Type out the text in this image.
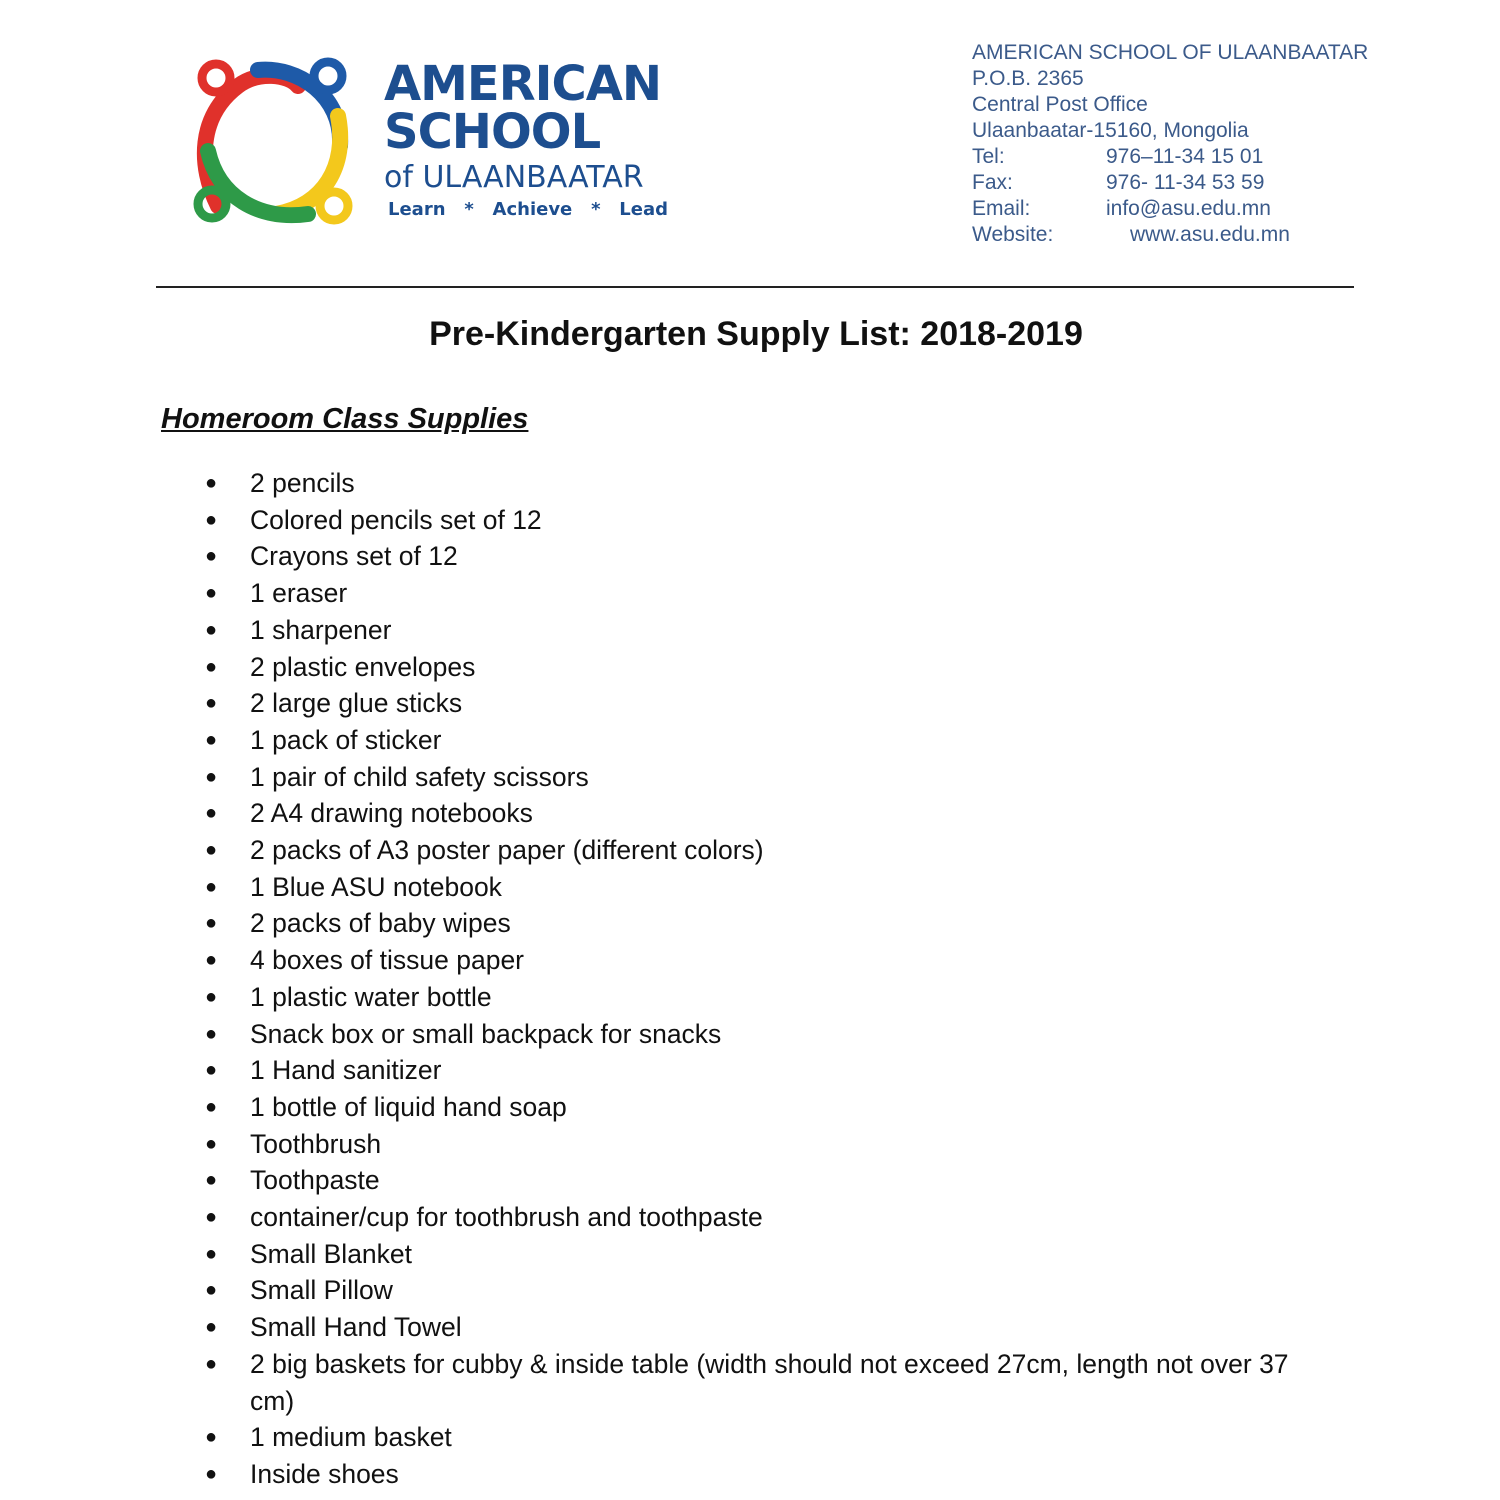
AMERICAN
SCHOOL
of ULAANBAATAR
Learn   *   Achieve   *   Lead
AMERICAN SCHOOL OF ULAANBAATAR
P.O.B. 2365
Central Post Office
Ulaanbaatar-15160, Mongolia
Tel:	976–11-34 15 01
Fax:	976- 11-34 53 59
Email:	info@asu.edu.mn
Website:	www.asu.edu.mn
Pre-Kindergarten Supply List: 2018-2019
Homeroom Class Supplies
● 2 pencils
● Colored pencils set of 12
● Crayons set of 12
● 1 eraser
● 1 sharpener
● 2 plastic envelopes
● 2 large glue sticks
● 1 pack of sticker
● 1 pair of child safety scissors
● 2 A4 drawing notebooks
● 2 packs of A3 poster paper (different colors)
● 1 Blue ASU notebook
● 2 packs of baby wipes
● 4 boxes of tissue paper
● 1 plastic water bottle
● Snack box or small backpack for snacks
● 1 Hand sanitizer
● 1 bottle of liquid hand soap
● Toothbrush
● Toothpaste
● container/cup for toothbrush and toothpaste
● Small Blanket
● Small Pillow
● Small Hand Towel
● 2 big baskets for cubby & inside table (width should not exceed 27cm, length not over 37 cm)
● 1 medium basket
● Inside shoes
